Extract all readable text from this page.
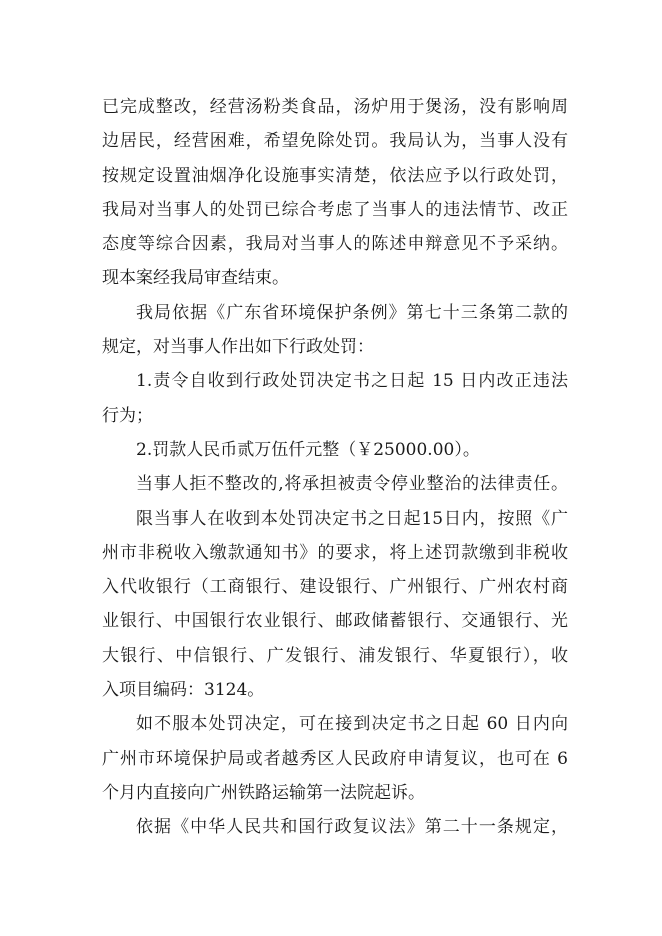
已完成整改，经营汤粉类食品，汤炉用于煲汤，没有影响周
边居民，经营困难，希望免除处罚。我局认为，当事人没有
按规定设置油烟净化设施事实清楚，依法应予以行政处罚，
我局对当事人的处罚已综合考虑了当事人的违法情节、改正
态度等综合因素，我局对当事人的陈述申辩意见不予采纳。
现本案经我局审查结束。
我局依据《广东省环境保护条例》第七十三条第二款的
规定，对当事人作出如下行政处罚：
1.责令自收到行政处罚决定书之日起 15 日内改正违法
行为；
2.罚款人民币贰万伍仟元整（￥25000.00）。
当事人拒不整改的,将承担被责令停业整治的法律责任。
限当事人在收到本处罚决定书之日起15日内，按照《广
州市非税收入缴款通知书》的要求，将上述罚款缴到非税收
入代收银行（工商银行、建设银行、广州银行、广州农村商
业银行、中国银行农业银行、邮政储蓄银行、交通银行、光
大银行、中信银行、广发银行、浦发银行、华夏银行），收
入项目编码：3124。
如不服本处罚决定，可在接到决定书之日起 60 日内向
广州市环境保护局或者越秀区人民政府申请复议，也可在 6
个月内直接向广州铁路运输第一法院起诉。
依据《中华人民共和国行政复议法》第二十一条规定，
